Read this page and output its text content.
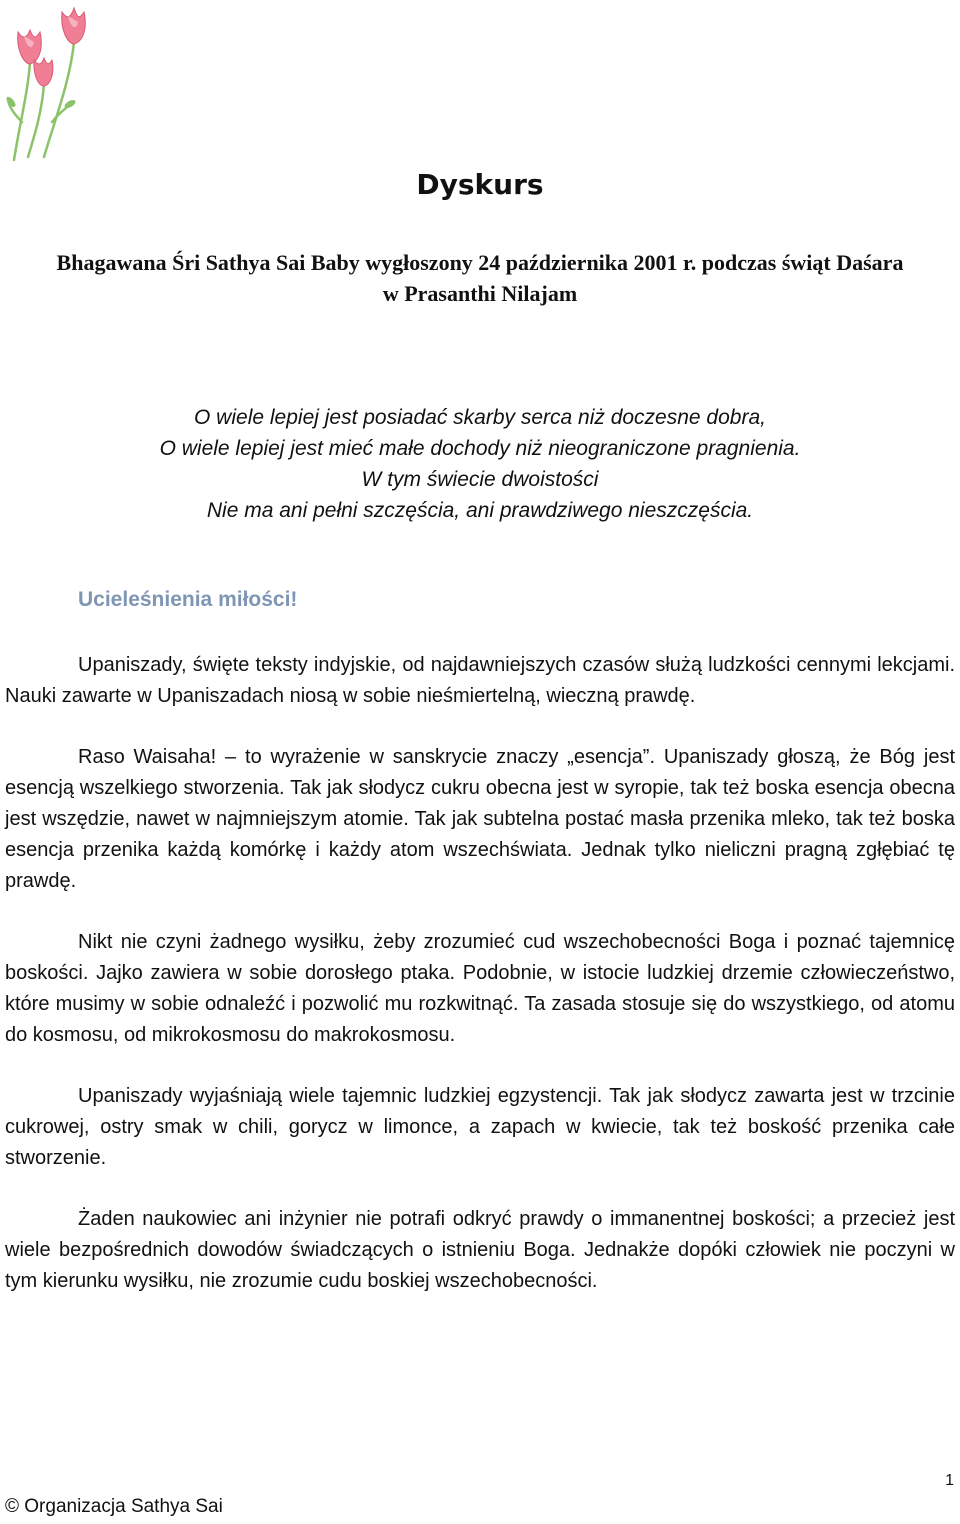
Dyskurs
Bhagawana Śri Sathya Sai Baby wygłoszony 24 października 2001 r. podczas świąt Daśara
w Prasanthi Nilajam
O wiele lepiej jest posiadać skarby serca niż doczesne dobra,
O wiele lepiej jest mieć małe dochody niż nieograniczone pragnienia.
W tym świecie dwoistości
Nie ma ani pełni szczęścia, ani prawdziwego nieszczęścia.
Ucieleśnienia miłości!

Upaniszady, święte teksty indyjskie, od najdawniejszych czasów służą ludzkości cennymi lekcjami. Nauki zawarte w Upaniszadach niosą w sobie nieśmiertelną, wieczną prawdę.

Raso Waisaha! – to wyrażenie w sanskrycie znaczy „esencja”. Upaniszady głoszą, że Bóg jest esencją wszelkiego stworzenia. Tak jak słodycz cukru obecna jest w syropie, tak też boska esencja obecna jest wszędzie, nawet w najmniejszym atomie. Tak jak subtelna postać masła przenika mleko, tak też boska esencja przenika każdą komórkę i każdy atom wszechświata. Jednak tylko nieliczni pragną zgłębiać tę prawdę.

Nikt nie czyni żadnego wysiłku, żeby zrozumieć cud wszechobecności Boga i poznać tajemnicę boskości. Jajko zawiera w sobie dorosłego ptaka. Podobnie, w istocie ludzkiej drzemie człowieczeństwo, które musimy w sobie odnaleźć i pozwolić mu rozkwitnąć. Ta zasada stosuje się do wszystkiego, od atomu do kosmosu, od mikrokosmosu do makrokosmosu.

Upaniszady wyjaśniają wiele tajemnic ludzkiej egzystencji. Tak jak słodycz zawarta jest w trzcinie cukrowej, ostry smak w chili, gorycz w limonce, a zapach w kwiecie, tak też boskość przenika całe stworzenie.

Żaden naukowiec ani inżynier nie potrafi odkryć prawdy o immanentnej boskości; a przecież jest wiele bezpośrednich dowodów świadczących o istnieniu Boga. Jednakże dopóki człowiek nie poczyni w tym kierunku wysiłku, nie zrozumie cudu boskiej wszechobecności.

1
© Organizacja Sathya Sai
